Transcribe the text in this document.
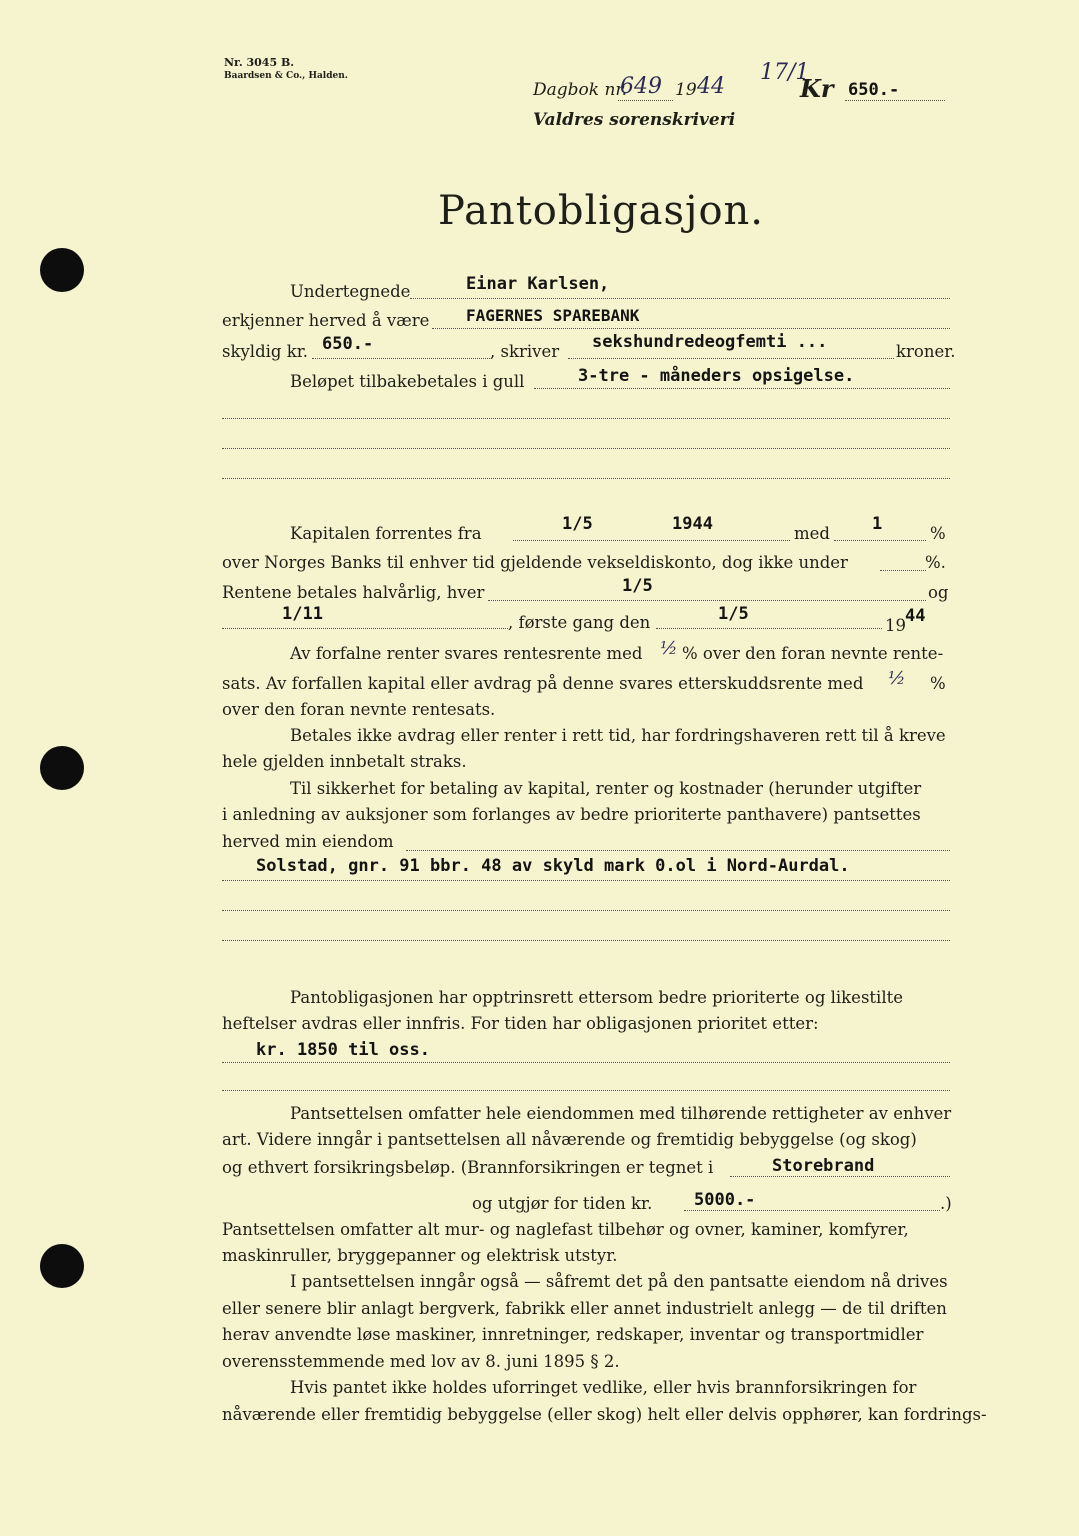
Nr. 3045 B.
Baardsen & Co., Halden.
Dagbok nr.
649 19 44
17/1
Kr 650.-
Valdres sorenskriveri
Pantobligasjon.
Undertegnede	Einar Karlsen,
erkjenner herved å være FAGERNES SPAREBANK
skyldig kr. 650.-	, skriver sekshundredeogfemti ...	kroner.
Beløpet tilbakebetales i gull	3-tre - måneders opsigelse.
Kapitalen forrentes fra	1/5	1944	med 1	%
over Norges Banks til enhver tid gjeldende vekseldiskonto, dog ikke under	%.
Rentene betales halvårlig, hver	1/5	og
1/11	, første gang den	1/5
19 44
Av forfalne renter svares rentesrente med ½ % over den foran nevnte rente-
sats. Av forfallen kapital eller avdrag på denne svares etterskuddsrente med ½ %
over den foran nevnte rentesats.
Betales ikke avdrag eller renter i rett tid, har fordringshaveren rett til å kreve
hele gjelden innbetalt straks.
Til sikkerhet for betaling av kapital, renter og kostnader (herunder utgifter
i anledning av auksjoner som forlanges av bedre prioriterte panthavere) pantsettes
herved min eiendom
Solstad, gnr. 91 bbr. 48 av skyld mark 0.ol i Nord-Aurdal.
Pantobligasjonen har opptrinsrett ettersom bedre prioriterte og likestilte
heftelser avdras eller innfris. For tiden har obligasjonen prioritet etter:
kr. 1850 til oss.
Pantsettelsen omfatter hele eiendommen med tilhørende rettigheter av enhver
art. Videre inngår i pantsettelsen all nåværende og fremtidig bebyggelse (og skog)
og ethvert forsikringsbeløp. (Brannforsikringen er tegnet i	Storebrand
og utgjør for tiden kr. 5000.-	.)
Pantsettelsen omfatter alt mur- og naglefast tilbehør og ovner, kaminer, komfyrer,
maskinruller, bryggepanner og elektrisk utstyr.
I pantsettelsen inngår også — såfremt det på den pantsatte eiendom nå drives
eller senere blir anlagt bergverk, fabrikk eller annet industrielt anlegg — de til driften
herav anvendte løse maskiner, innretninger, redskaper, inventar og transportmidler
overensstemmende med lov av 8. juni 1895 § 2.
Hvis pantet ikke holdes uforringet vedlike, eller hvis brannforsikringen for
nåværende eller fremtidig bebyggelse (eller skog) helt eller delvis opphører, kan fordrings-
